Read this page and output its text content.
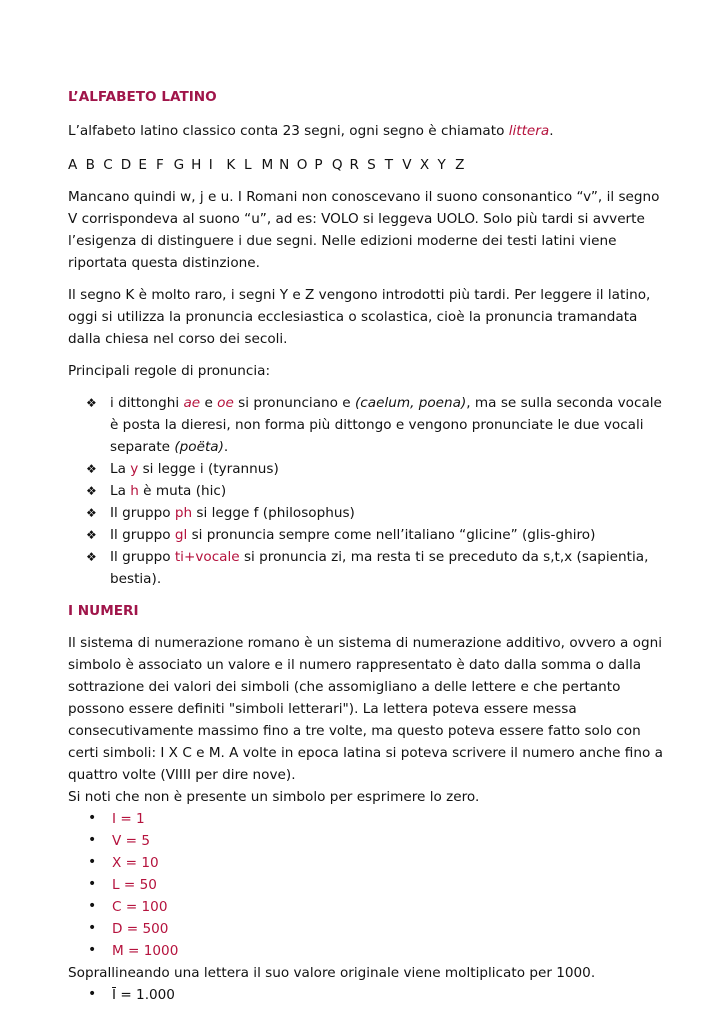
L’ALFABETO LATINO

L’alfabeto latino classico conta 23 segni, ogni segno è chiamato littera.

A B C D E F G H I K L M N O P Q R S T V X Y Z

Mancano quindi w, j e u. I Romani non conoscevano il suono consonantico “v”, il segno V corrispondeva al suono “u”, ad es: VOLO si leggeva UOLO. Solo più tardi si avverte l’esigenza di distinguere i due segni. Nelle edizioni moderne dei testi latini viene riportata questa distinzione.

Il segno K è molto raro, i segni Y e Z vengono introdotti più tardi. Per leggere il latino, oggi si utilizza la pronuncia ecclesiastica o scolastica, cioè la pronuncia tramandata dalla chiesa nel corso dei secoli.

Principali regole di pronuncia:

❖ i dittonghi ae e oe si pronunciano e (caelum, poena), ma se sulla seconda vocale è posta la dieresi, non forma più dittongo e vengono pronunciate le due vocali separate (poëta).
❖ La y si legge i (tyrannus)
❖ La h è muta (hic)
❖ Il gruppo ph si legge f (philosophus)
❖ Il gruppo gl si pronuncia sempre come nell’italiano “glicine” (glis-ghiro)
❖ Il gruppo ti+vocale si pronuncia zi, ma resta ti se preceduto da s,t,x (sapientia, bestia).

I NUMERI

Il sistema di numerazione romano è un sistema di numerazione additivo, ovvero a ogni simbolo è associato un valore e il numero rappresentato è dato dalla somma o dalla sottrazione dei valori dei simboli (che assomigliano a delle lettere e che pertanto possono essere definiti "simboli letterari"). La lettera poteva essere messa consecutivamente massimo fino a tre volte, ma questo poteva essere fatto solo con certi simboli: I X C e M. A volte in epoca latina si poteva scrivere il numero anche fino a quattro volte (VIIII per dire nove).

Si noti che non è presente un simbolo per esprimere lo zero.

• I = 1
• V = 5
• X = 10
• L = 50
• C = 100
• D = 500
• M = 1000

Soprallineando una lettera il suo valore originale viene moltiplicato per 1000.

• Ī = 1.000
